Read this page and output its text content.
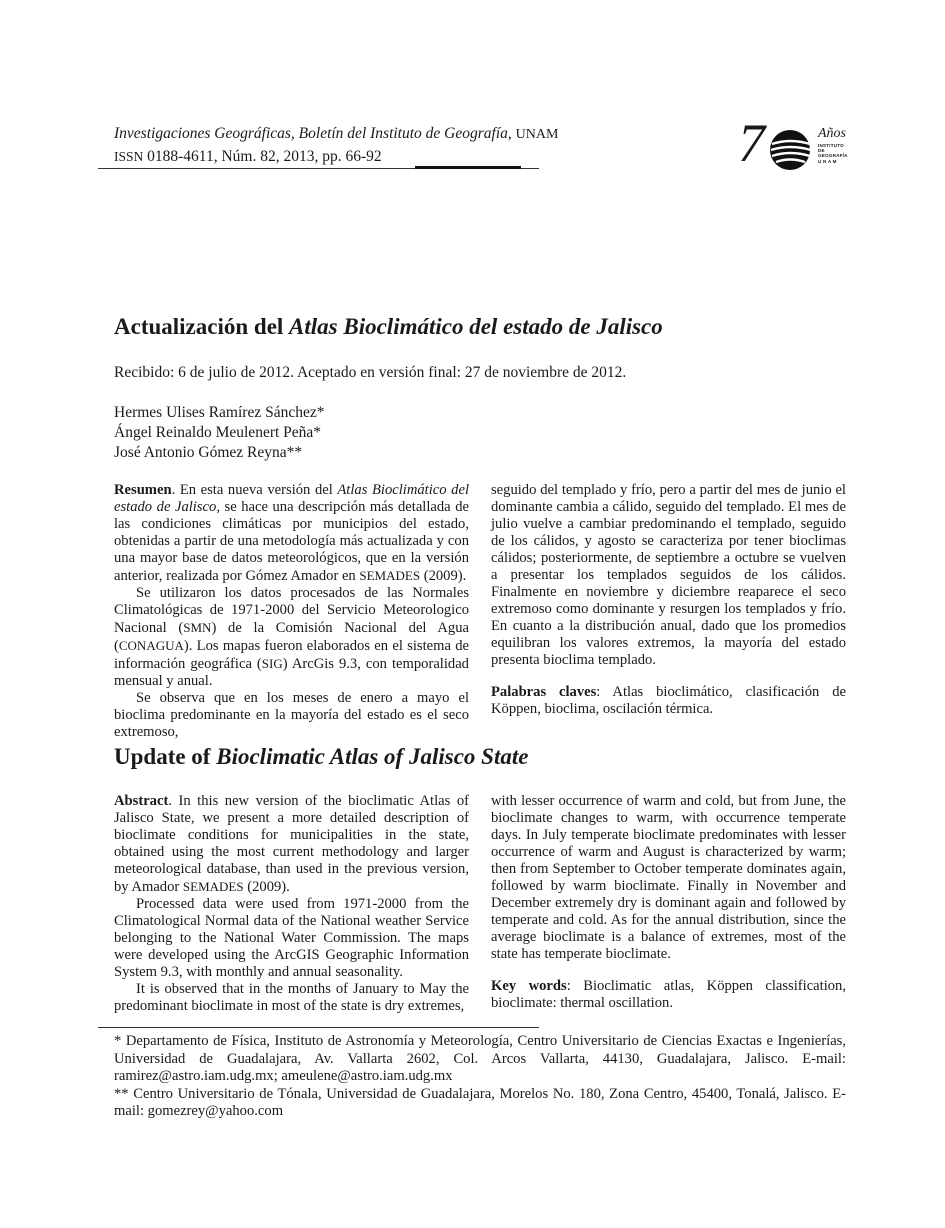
Investigaciones Geográficas, Boletín del Instituto de Geografía, UNAM
ISSN 0188-4611, Núm. 82, 2013, pp. 66-92	7	Años
INSTITUTO DE
GEOGRAFÍA
U N A M
Actualización del Atlas Bioclimático del estado de Jalisco
Recibido: 6 de julio de 2012. Aceptado en versión final: 27 de noviembre de 2012.
Hermes Ulises Ramírez Sánchez*
Ángel Reinaldo Meulenert Peña*
José Antonio Gómez Reyna**

Resumen. En esta nueva versión del Atlas Bioclimático del estado de Jalisco, se hace una descripción más detallada de las condiciones climáticas por municipios del estado, obtenidas a partir de una metodología más actualizada y con una mayor base de datos meteorológicos, que en la versión anterior, realizada por Gómez Amador en SEMADES (2009).

Se utilizaron los datos procesados de las Normales Climatológicas de 1971-2000 del Servicio Meteorologico Nacional (SMN) de la Comisión Nacional del Agua (CONAGUA). Los mapas fueron elaborados en el sistema de información geográfica (SIG) ArcGis 9.3, con temporalidad mensual y anual.

Se observa que en los meses de enero a mayo el bioclima predominante en la mayoría del estado es el seco extremoso,

seguido del templado y frío, pero a partir del mes de junio el dominante cambia a cálido, seguido del templado. El mes de julio vuelve a cambiar predominando el templado, seguido de los cálidos, y agosto se caracteriza por tener bioclimas cálidos; posteriormente, de septiembre a octubre se vuelven a presentar los templados seguidos de los cálidos. Finalmente en noviembre y diciembre reaparece el seco extremoso como dominante y resurgen los templados y frío. En cuanto a la distribución anual, dado que los promedios equilibran los valores extremos, la mayoría del estado presenta bioclima templado.

Palabras claves: Atlas bioclimático, clasificación de Köppen, bioclima, oscilación térmica.

Update of Bioclimatic Atlas of Jalisco State

Abstract. In this new version of the bioclimatic Atlas of Jalisco State, we present a more detailed description of bioclimate conditions for municipalities in the state, obtained using the most current methodology and larger meteorological database, than used in the previous version, by Amador SEMADES (2009).

Processed data were used from 1971-2000 from the Climatological Normal data of the National weather Service belonging to the National Water Commission. The maps were developed using the ArcGIS Geographic Information System 9.3, with monthly and annual seasonality.

It is observed that in the months of January to May the predominant bioclimate in most of the state is dry extremes,

with lesser occurrence of warm and cold, but from June, the bioclimate changes to warm, with occurrence temperate days. In July temperate bioclimate predominates with lesser occurrence of warm and August is characterized by warm; then from September to October temperate dominates again, followed by warm bioclimate. Finally in November and December extremely dry is dominant again and followed by temperate and cold. As for the annual distribution, since the average bioclimate is a balance of extremes, most of the state has temperate bioclimate.

Key words: Bioclimatic atlas, Köppen classification, bioclimate: thermal oscillation.

* Departamento de Física, Instituto de Astronomía y Meteorología, Centro Universitario de Ciencias Exactas e Ingenierías, Universidad de Guadalajara, Av. Vallarta 2602, Col. Arcos Vallarta, 44130, Guadalajara, Jalisco. E-mail: ramirez@astro.iam.udg.mx; ameulene@astro.iam.udg.mx

** Centro Universitario de Tónala, Universidad de Guadalajara, Morelos No. 180, Zona Centro, 45400, Tonalá, Jalisco. E-mail: gomezrey@yahoo.com
